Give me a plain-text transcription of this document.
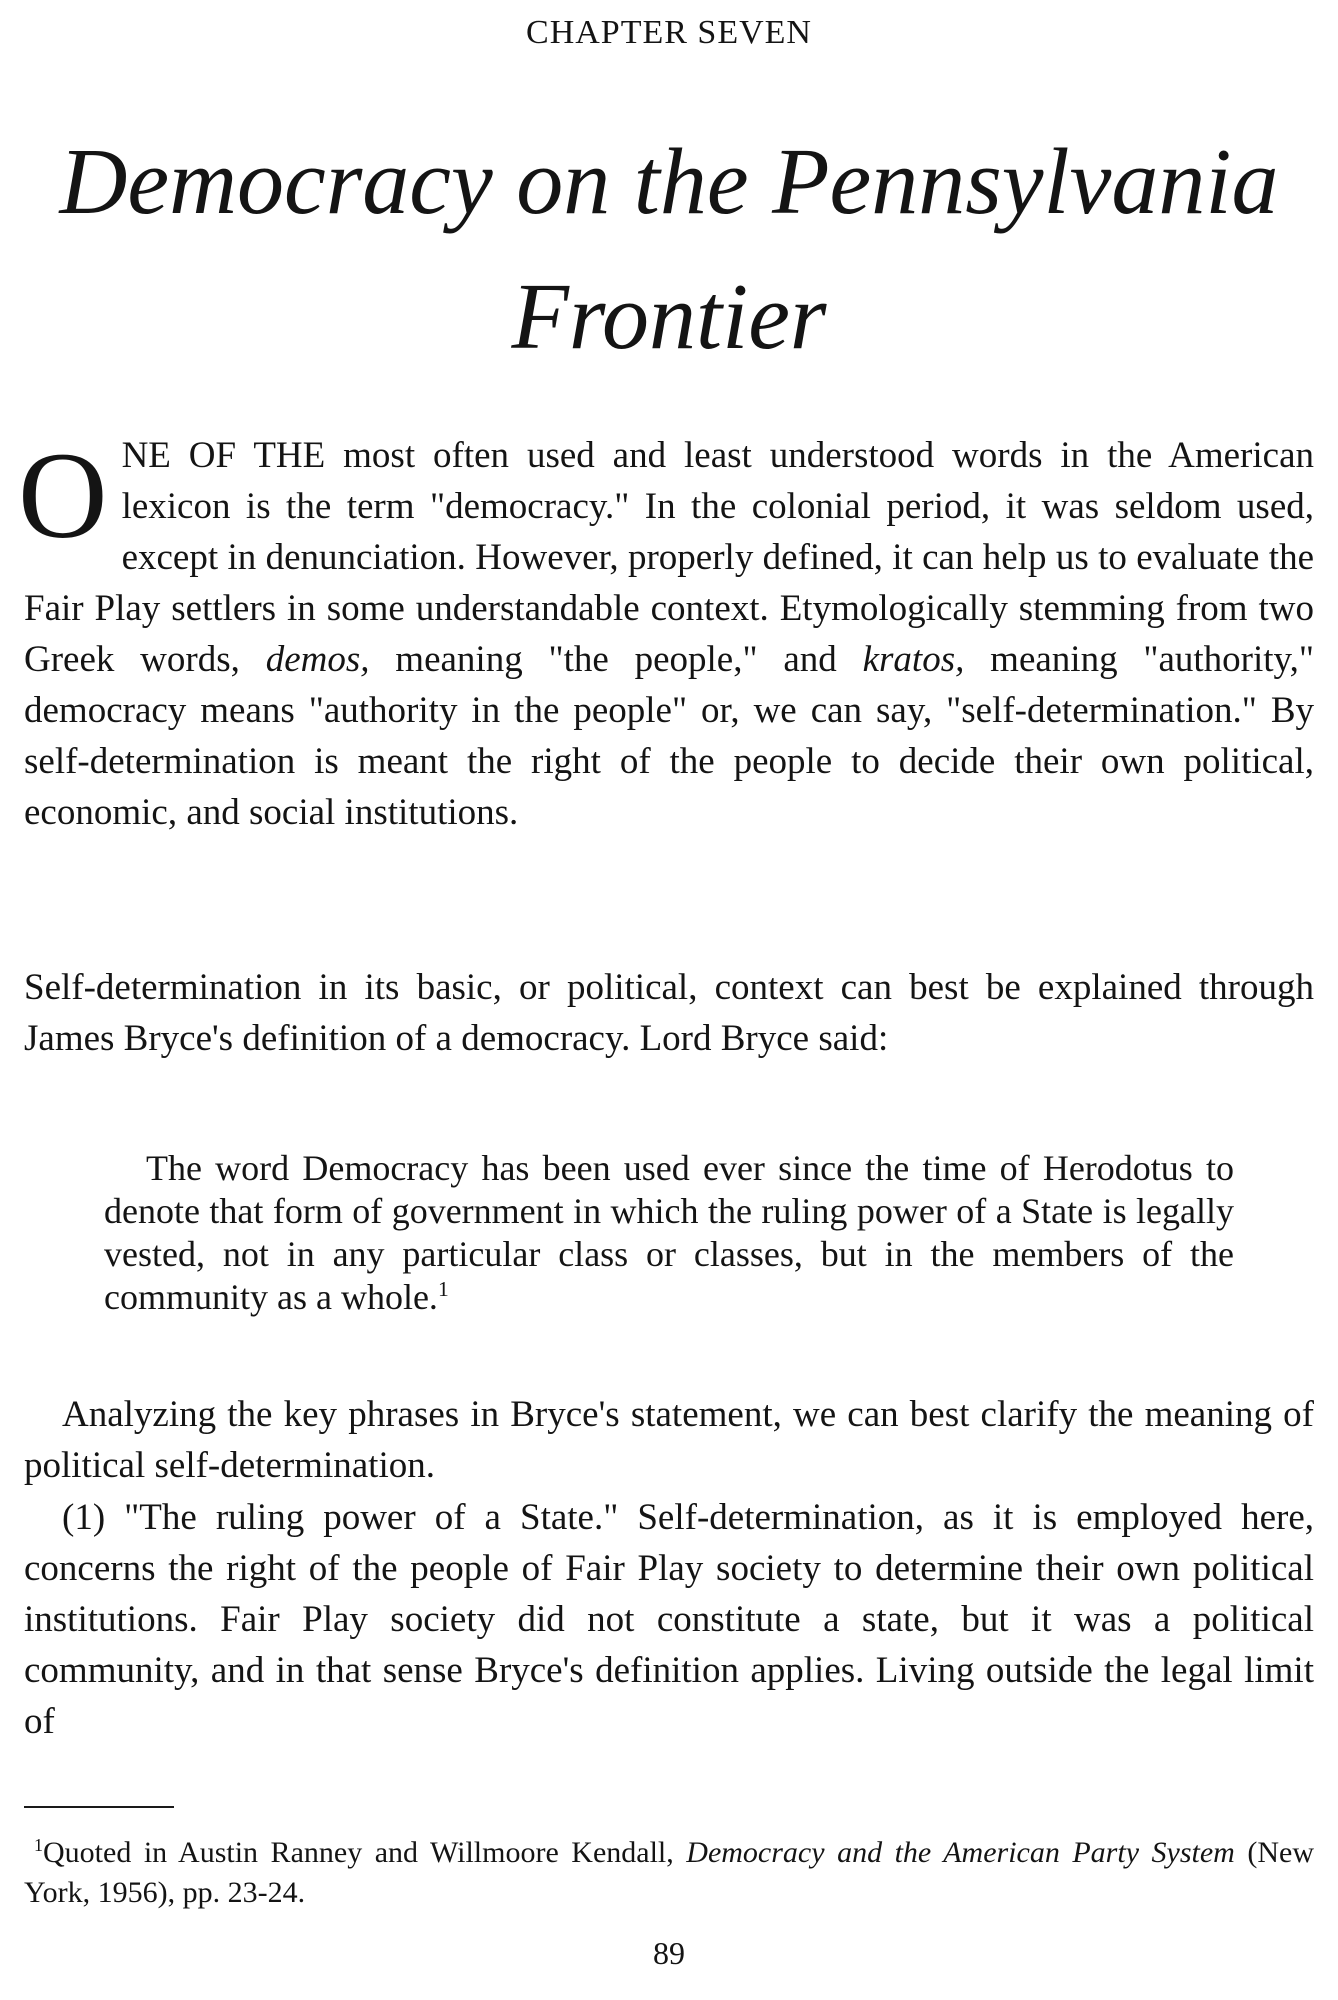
CHAPTER SEVEN
Democracy on the Pennsylvania
Frontier
ONE OF THE most often used and least understood words in the American lexicon is the term "democracy." In the colonial period, it was seldom used, except in denunciation. However, properly defined, it can help us to evaluate the Fair Play settlers in some understandable context. Etymologically stemming from two Greek words, demos, meaning "the people," and kratos, meaning "authority," democracy means "authority in the people" or, we can say, "self-determination." By self-determination is meant the right of the people to decide their own political, economic, and social institutions.
Self-determination in its basic, or political, context can best be explained through James Bryce's definition of a democracy. Lord Bryce said:
The word Democracy has been used ever since the time of Herodotus to denote that form of government in which the ruling power of a State is legally vested, not in any particular class or classes, but in the members of the community as a whole.$^1$
Analyzing the key phrases in Bryce's statement, we can best clarify the meaning of political self-determination.
(1) "The ruling power of a State." Self-determination, as it is employed here, concerns the right of the people of Fair Play society to determine their own political institutions. Fair Play society did not constitute a state, but it was a political community, and in that sense Bryce's definition applies. Living outside the legal limit of
$^1$Quoted in Austin Ranney and Willmoore Kendall, Democracy and the American Party System (New York, 1956), pp. 23-24.
89
